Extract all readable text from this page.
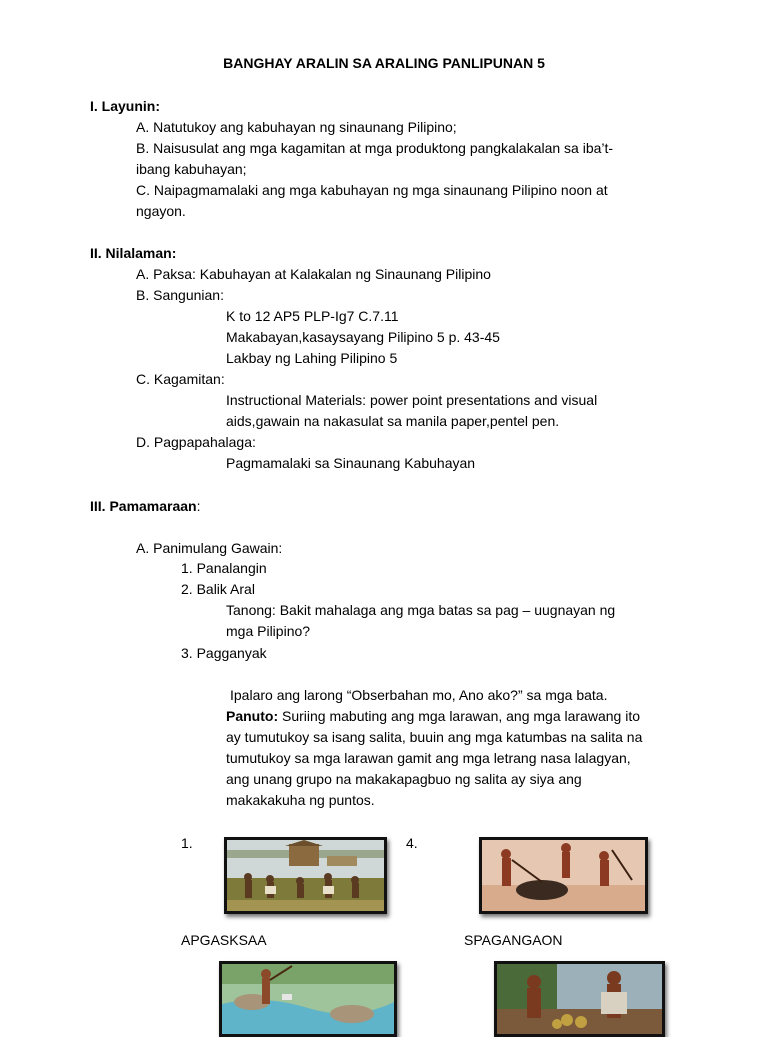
BANGHAY ARALIN SA ARALING PANLIPUNAN 5
I. Layunin:
A. Natutukoy ang kabuhayan ng sinaunang Pilipino;
B. Naisusulat ang mga kagamitan at mga produktong pangkalakalan sa iba’t-
ibang kabuhayan;
C. Naipagmamalaki ang mga kabuhayan ng mga sinaunang Pilipino noon at
ngayon.
II. Nilalaman:
A. Paksa: Kabuhayan at Kalakalan ng Sinaunang Pilipino
B. Sangunian:
K to 12 AP5 PLP-Ig7 C.7.11
Makabayan,kasaysayang Pilipino 5 p. 43-45
Lakbay ng Lahing Pilipino 5
C. Kagamitan:
Instructional Materials: power point presentations and visual
aids,gawain na nakasulat sa manila paper,pentel pen.
D. Pagpapahalaga:
Pagmamalaki sa Sinaunang Kabuhayan
III. Pamamaraan:
A. Panimulang Gawain:
1. Panalangin
2. Balik Aral
Tanong: Bakit mahalaga ang mga batas sa pag – uugnayan ng
mga Pilipino?
3. Pagganyak
Ipalaro ang larong “Obserbahan mo, Ano ako?” sa mga bata.
Panuto: Suriing mabuting ang mga larawan, ang mga larawang ito
ay tumutukoy sa isang salita, buuin ang mga katumbas na salita na
tumutukoy sa mga larawan gamit ang mga letrang nasa lalagyan,
ang unang grupo na makakapagbuo ng salita ay siya ang
makakakuha ng puntos.
1.	4.
APGASKSAA	SPAGANGAON
